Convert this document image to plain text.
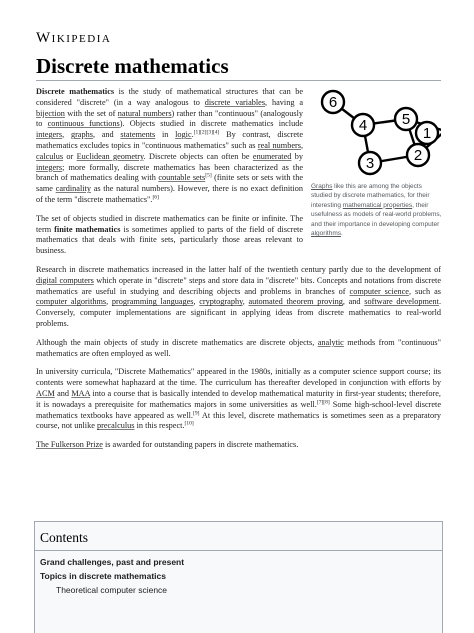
Wikipedia
Discrete mathematics
6
4 5
1
2
3
Graphs like this are among the objects studied by discrete mathematics, for their interesting mathematical properties, their usefulness as models of real-world problems, and their importance in developing computer algorithms.

Discrete mathematics is the study of mathematical structures that can be considered "discrete" (in a way analogous to discrete variables, having a bijection with the set of natural numbers) rather than "continuous" (analogously to continuous functions). Objects studied in discrete mathematics include integers, graphs, and statements in logic.[1][2][3][4] By contrast, discrete mathematics excludes topics in "continuous mathematics" such as real numbers, calculus or Euclidean geometry. Discrete objects can often be enumerated by integers; more formally, discrete mathematics has been characterized as the branch of mathematics dealing with countable sets[5] (finite sets or sets with the same cardinality as the natural numbers). However, there is no exact definition of the term "discrete mathematics".[6]

The set of objects studied in discrete mathematics can be finite or infinite. The term finite mathematics is sometimes applied to parts of the field of discrete mathematics that deals with finite sets, particularly those areas relevant to business.

Research in discrete mathematics increased in the latter half of the twentieth century partly due to the development of digital computers which operate in "discrete" steps and store data in "discrete" bits. Concepts and notations from discrete mathematics are useful in studying and describing objects and problems in branches of computer science, such as computer algorithms, programming languages, cryptography, automated theorem proving, and software development. Conversely, computer implementations are significant in applying ideas from discrete mathematics to real-world problems.

Although the main objects of study in discrete mathematics are discrete objects, analytic methods from "continuous" mathematics are often employed as well.

In university curricula, "Discrete Mathematics" appeared in the 1980s, initially as a computer science support course; its contents were somewhat haphazard at the time. The curriculum has thereafter developed in conjunction with efforts by ACM and MAA into a course that is basically intended to develop mathematical maturity in first-year students; therefore, it is nowadays a prerequisite for mathematics majors in some universities as well.[7][8] Some high-school-level discrete mathematics textbooks have appeared as well.[9] At this level, discrete mathematics is sometimes seen as a preparatory course, not unlike precalculus in this respect.[10]

The Fulkerson Prize is awarded for outstanding papers in discrete mathematics.

Contents
Grand challenges, past and present
Topics in discrete mathematics
Theoretical computer science
